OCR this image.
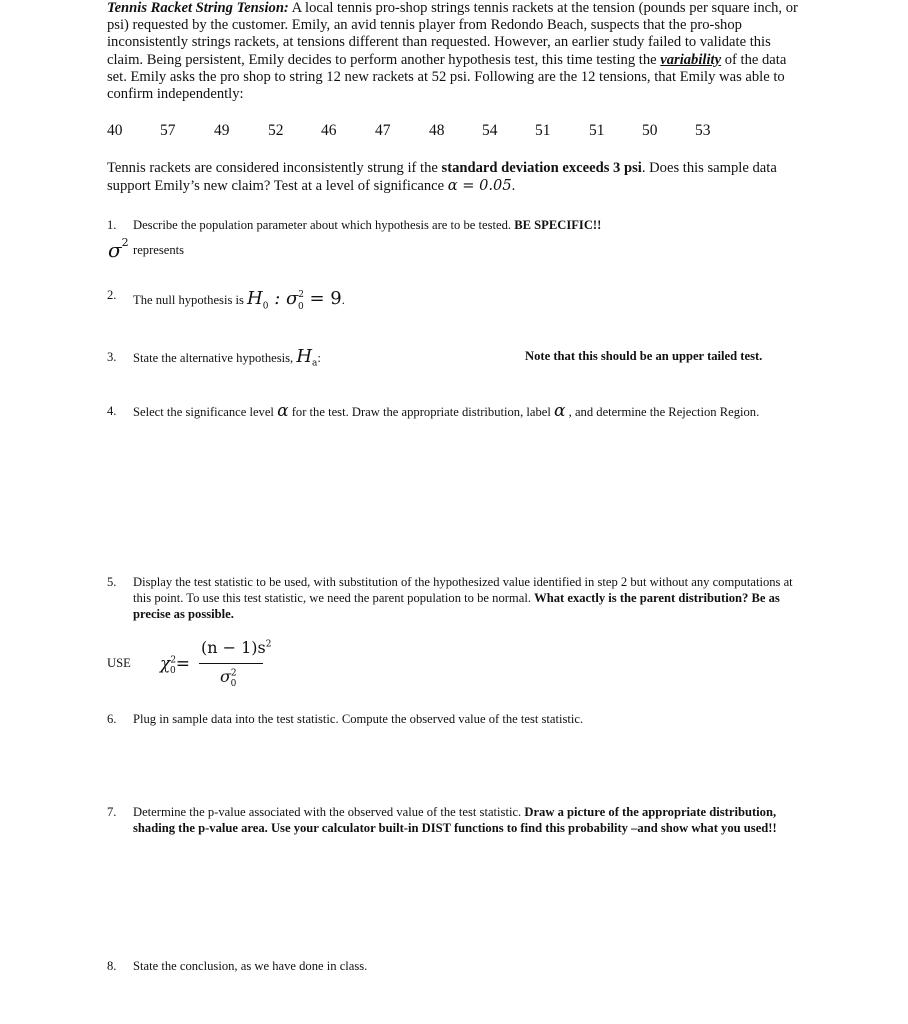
Tennis Racket String Tension: A local tennis pro-shop strings tennis rackets at the tension (pounds per square inch, or psi) requested by the customer. Emily, an avid tennis player from Redondo Beach, suspects that the pro-shop inconsistently strings rackets, at tensions different than requested. However, an earlier study failed to validate this claim. Being persistent, Emily decides to perform another hypothesis test, this time testing the variability of the data set. Emily asks the pro shop to string 12 new rackets at 52 psi. Following are the 12 tensions, that Emily was able to confirm independently:
40 57 49 52 46 47 48 54 51 51 50 53
Tennis rackets are considered inconsistently strung if the standard deviation exceeds 3 psi. Does this sample data support Emily’s new claim? Test at a level of significance α = 0.05.
1. Describe the population parameter about which hypothesis are to be tested. BE SPECIFIC!!
$\sigma^2$
represents
2. The null hypothesis is $H_0$ : $\sigma^2_0 = 9$.
3. State the alternative hypothesis, $H_a$:	Note that this should be an upper tailed test.
4. Select the significance level α for the test. Draw the appropriate distribution, label α , and determine the Rejection Region.
5. Display the test statistic to be used, with substitution of the hypothesized value identified in step 2 but without any computations at this point. To use this test statistic, we need the parent population to be normal. What exactly is the parent distribution? Be as precise as possible.
USE $\chi^2_0=$
$(n - 1)s^2$
$\sigma^2_0$
6. Plug in sample data into the test statistic. Compute the observed value of the test statistic.
7. Determine the p-value associated with the observed value of the test statistic. Draw a picture of the appropriate distribution, shading the p-value area. Use your calculator built-in DIST functions to find this probability –and show what you used!!
8. State the conclusion, as we have done in class.
